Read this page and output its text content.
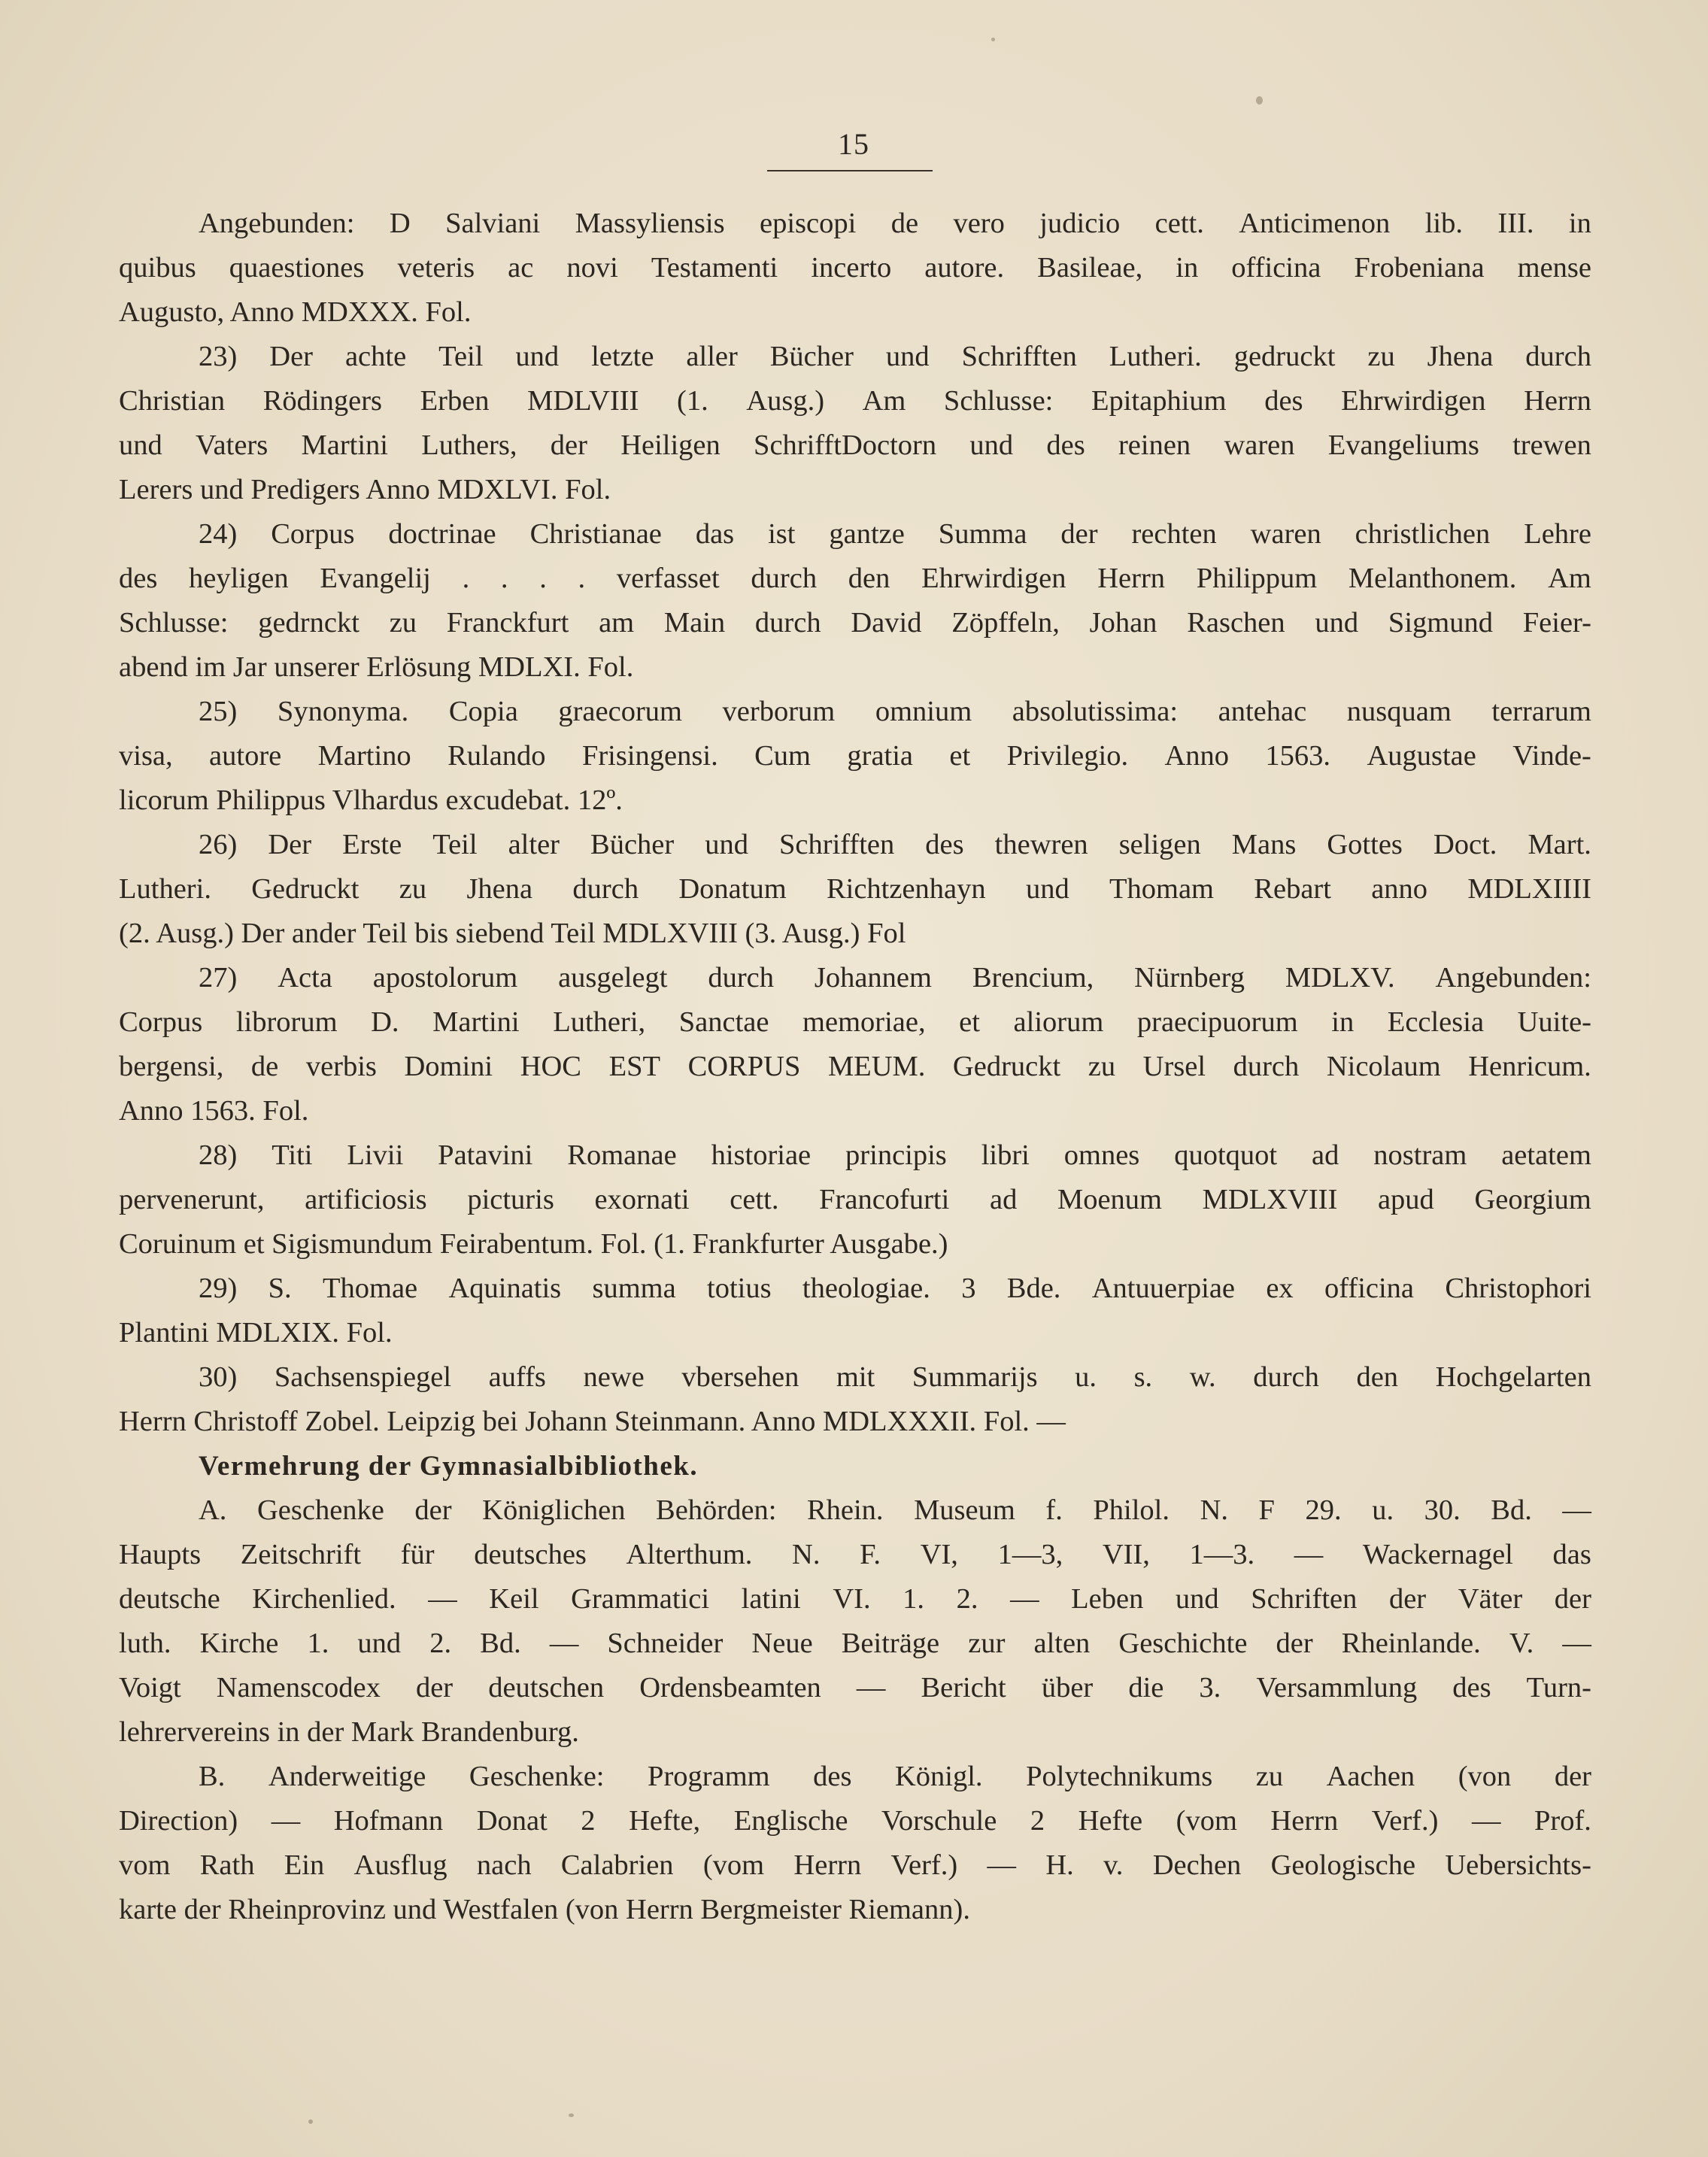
15
Angebunden: D Salviani Massyliensis episcopi de vero judicio cett. Anticimenon lib. III. in
quibus quaestiones veteris ac novi Testamenti incerto autore. Basileae, in officina Frobeniana mense
Augusto, Anno MDXXX. Fol.
23) Der achte Teil und letzte aller Bücher und Schrifften Lutheri. gedruckt zu Jhena durch
Christian Rödingers Erben MDLVIII (1. Ausg.) Am Schlusse: Epitaphium des Ehrwirdigen Herrn
und Vaters Martini Luthers, der Heiligen SchrifftDoctorn und des reinen waren Evangeliums trewen
Lerers und Predigers Anno MDXLVI. Fol.
24) Corpus doctrinae Christianae das ist gantze Summa der rechten waren christlichen Lehre
des heyligen Evangelij . . . . verfasset durch den Ehrwirdigen Herrn Philippum Melanthonem. Am
Schlusse: gedrnckt zu Franckfurt am Main durch David Zöpffeln, Johan Raschen und Sigmund Feier-
abend im Jar unserer Erlösung MDLXI. Fol.
25) Synonyma. Copia graecorum verborum omnium absolutissima: antehac nusquam terrarum
visa, autore Martino Rulando Frisingensi. Cum gratia et Privilegio. Anno 1563. Augustae Vinde-
licorum Philippus Vlhardus excudebat. 12º.
26) Der Erste Teil alter Bücher und Schrifften des thewren seligen Mans Gottes Doct. Mart.
Lutheri. Gedruckt zu Jhena durch Donatum Richtzenhayn und Thomam Rebart anno MDLXIIII
(2. Ausg.) Der ander Teil bis siebend Teil MDLXVIII (3. Ausg.) Fol
27) Acta apostolorum ausgelegt durch Johannem Brencium, Nürnberg MDLXV. Angebunden:
Corpus librorum D. Martini Lutheri, Sanctae memoriae, et aliorum praecipuorum in Ecclesia Uuite-
bergensi, de verbis Domini HOC EST CORPUS MEUM. Gedruckt zu Ursel durch Nicolaum Henricum.
Anno 1563. Fol.
28) Titi Livii Patavini Romanae historiae principis libri omnes quotquot ad nostram aetatem
pervenerunt, artificiosis picturis exornati cett. Francofurti ad Moenum MDLXVIII apud Georgium
Coruinum et Sigismundum Feirabentum. Fol. (1. Frankfurter Ausgabe.)
29) S. Thomae Aquinatis summa totius theologiae. 3 Bde. Antuuerpiae ex officina Christophori
Plantini MDLXIX. Fol.
30) Sachsenspiegel auffs newe vbersehen mit Summarijs u. s. w. durch den Hochgelarten
Herrn Christoff Zobel. Leipzig bei Johann Steinmann. Anno MDLXXXII. Fol. —
Vermehrung der Gymnasialbibliothek.
A. Geschenke der Königlichen Behörden: Rhein. Museum f. Philol. N. F 29. u. 30. Bd. —
Haupts Zeitschrift für deutsches Alterthum. N. F. VI, 1—3, VII, 1—3. — Wackernagel das
deutsche Kirchenlied. — Keil Grammatici latini VI. 1. 2. — Leben und Schriften der Väter der
luth. Kirche 1. und 2. Bd. — Schneider Neue Beiträge zur alten Geschichte der Rheinlande. V. —
Voigt Namenscodex der deutschen Ordensbeamten — Bericht über die 3. Versammlung des Turn-
lehrervereins in der Mark Brandenburg.
B. Anderweitige Geschenke: Programm des Königl. Polytechnikums zu Aachen (von der
Direction) — Hofmann Donat 2 Hefte, Englische Vorschule 2 Hefte (vom Herrn Verf.) — Prof.
vom Rath Ein Ausflug nach Calabrien (vom Herrn Verf.) — H. v. Dechen Geologische Uebersichts-
karte der Rheinprovinz und Westfalen (von Herrn Bergmeister Riemann).
